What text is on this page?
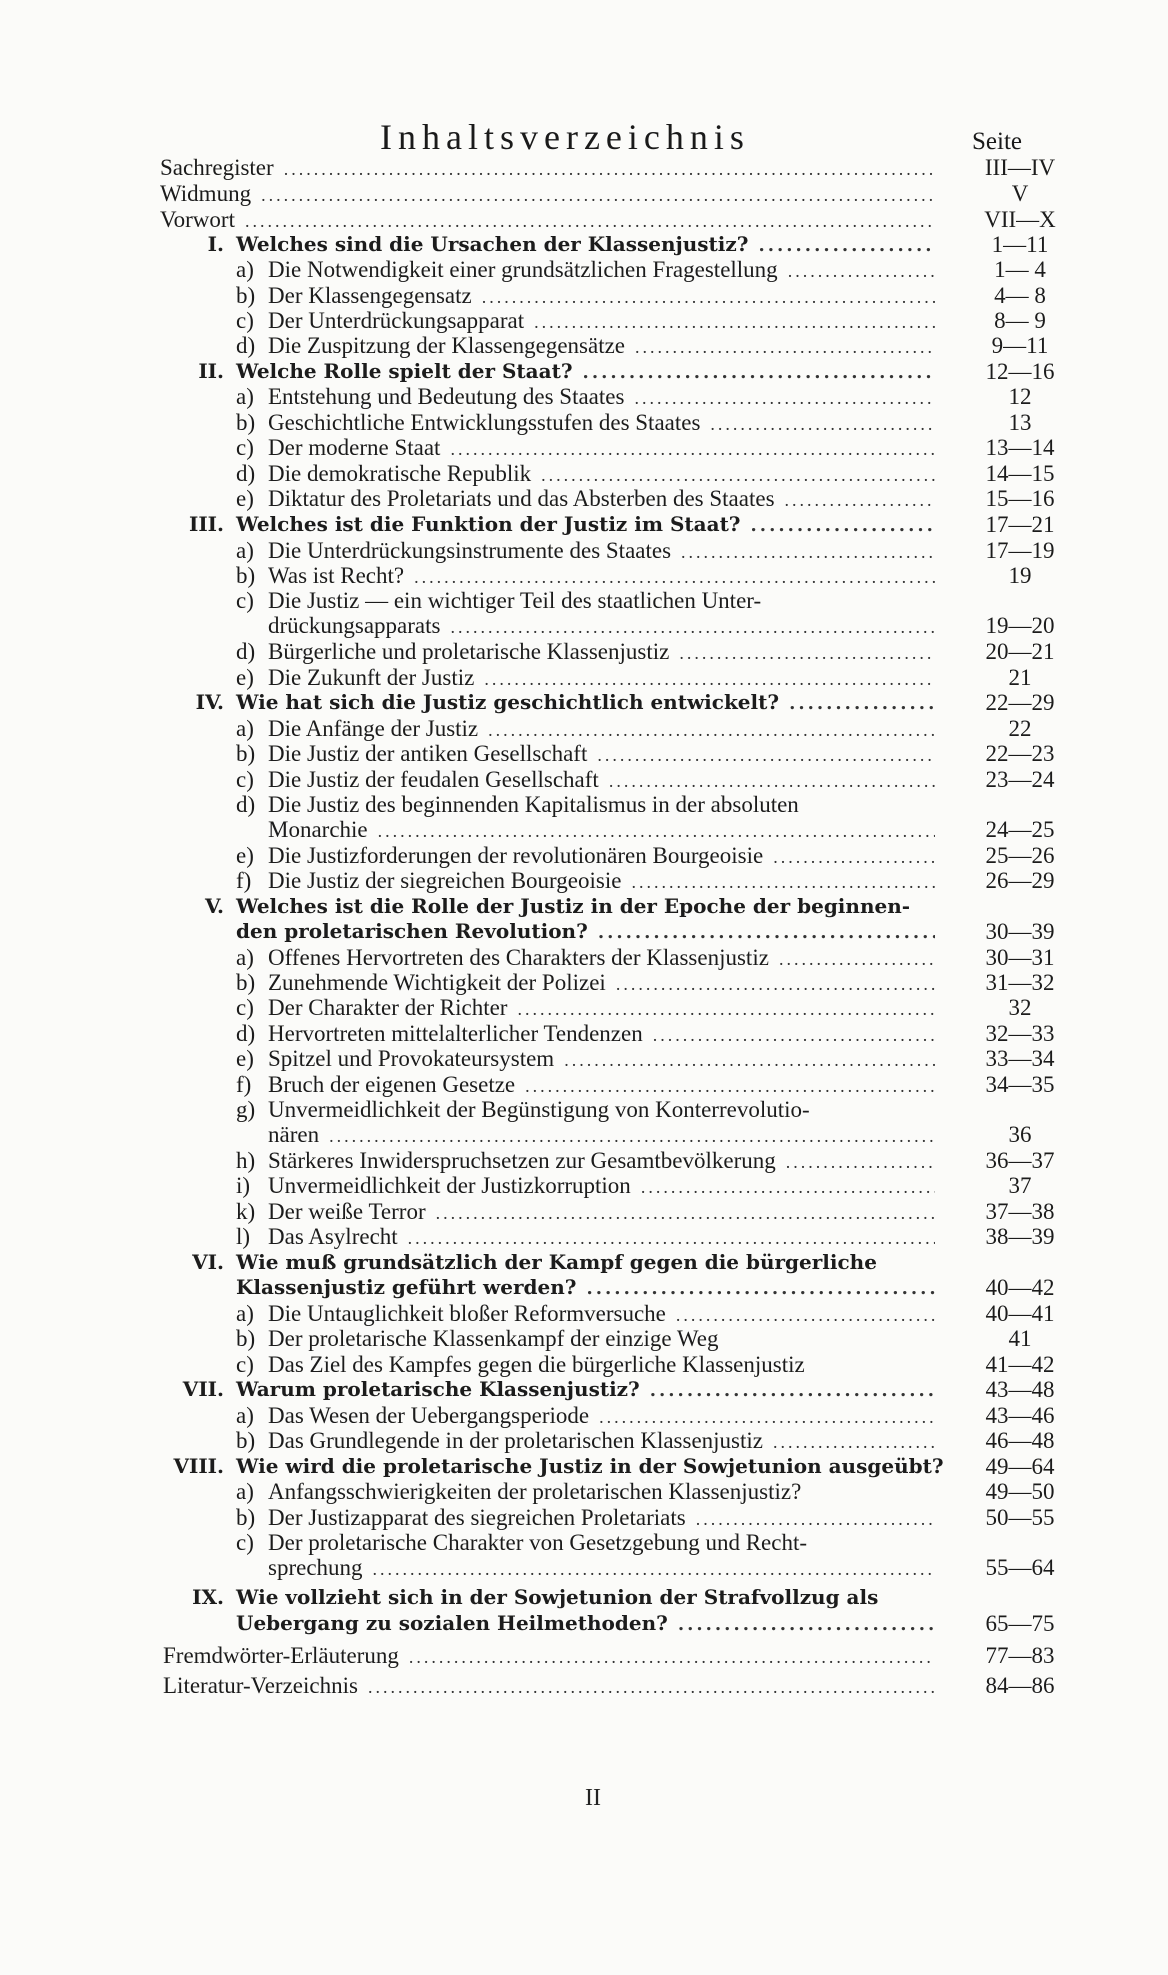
Inhaltsverzeichnis	Seite
Sachregister .....	III—IV
Widmung .....	V
Vorwort .....	VII—X
I. Welches sind die Ursachen der Klassenjustiz? .....	1—11
a) Die Notwendigkeit einer grundsätzlichen Fragestellung .....	1— 4
b) Der Klassengegensatz .....	4— 8
c) Der Unterdrückungsapparat .....	8— 9
d) Die Zuspitzung der Klassengegensätze .....	9—11
II. Welche Rolle spielt der Staat? .....	12—16
a) Entstehung und Bedeutung des Staates .....	12
b) Geschichtliche Entwicklungsstufen des Staates .....	13
c) Der moderne Staat .....	13—14
d) Die demokratische Republik .....	14—15
e) Diktatur des Proletariats und das Absterben des Staates .....	15—16
III. Welches ist die Funktion der Justiz im Staat? .....	17—21
a) Die Unterdrückungsinstrumente des Staates .....	17—19
b) Was ist Recht? .....	19
c) Die Justiz — ein wichtiger Teil des staatlichen Unter-
drückungsapparats .....	19—20
d) Bürgerliche und proletarische Klassenjustiz .....	20—21
e) Die Zukunft der Justiz .....	21
IV. Wie hat sich die Justiz geschichtlich entwickelt? .....	22—29
a) Die Anfänge der Justiz .....	22
b) Die Justiz der antiken Gesellschaft .....	22—23
c) Die Justiz der feudalen Gesellschaft .....	23—24
d) Die Justiz des beginnenden Kapitalismus in der absoluten
Monarchie .....	24—25
e) Die Justizforderungen der revolutionären Bourgeoisie .....	25—26
f) Die Justiz der siegreichen Bourgeoisie .....	26—29
V. Welches ist die Rolle der Justiz in der Epoche der beginnen-
den proletarischen Revolution? .....	30—39
a) Offenes Hervortreten des Charakters der Klassenjustiz .....	30—31
b) Zunehmende Wichtigkeit der Polizei .....	31—32
c) Der Charakter der Richter .....	32
d) Hervortreten mittelalterlicher Tendenzen .....	32—33
e) Spitzel und Provokateursystem .....	33—34
f) Bruch der eigenen Gesetze .....	34—35
g) Unvermeidlichkeit der Begünstigung von Konterrevolutio-
nären .....	36
h) Stärkeres Inwiderspruchsetzen zur Gesamtbevölkerung .....	36—37
i) Unvermeidlichkeit der Justizkorruption .....	37
k) Der weiße Terror .....	37—38
l) Das Asylrecht .....	38—39
VI. Wie muß grundsätzlich der Kampf gegen die bürgerliche
Klassenjustiz geführt werden? .....	40—42
a) Die Untauglichkeit bloßer Reformversuche .....	40—41
b) Der proletarische Klassenkampf der einzige Weg	41
c) Das Ziel des Kampfes gegen die bürgerliche Klassenjustiz	41—42
VII. Warum proletarische Klassenjustiz? .....	43—48
a) Das Wesen der Uebergangsperiode .....	43—46
b) Das Grundlegende in der proletarischen Klassenjustiz .....	46—48
VIII. Wie wird die proletarische Justiz in der Sowjetunion ausgeübt?	49—64
a) Anfangsschwierigkeiten der proletarischen Klassenjustiz?	49—50
b) Der Justizapparat des siegreichen Proletariats .....	50—55
c) Der proletarische Charakter von Gesetzgebung und Recht-
sprechung .....	55—64
IX. Wie vollzieht sich in der Sowjetunion der Strafvollzug als
Uebergang zu sozialen Heilmethoden? .....	65—75
Fremdwörter-Erläuterung .....	77—83
Literatur-Verzeichnis .....	84—86
II
